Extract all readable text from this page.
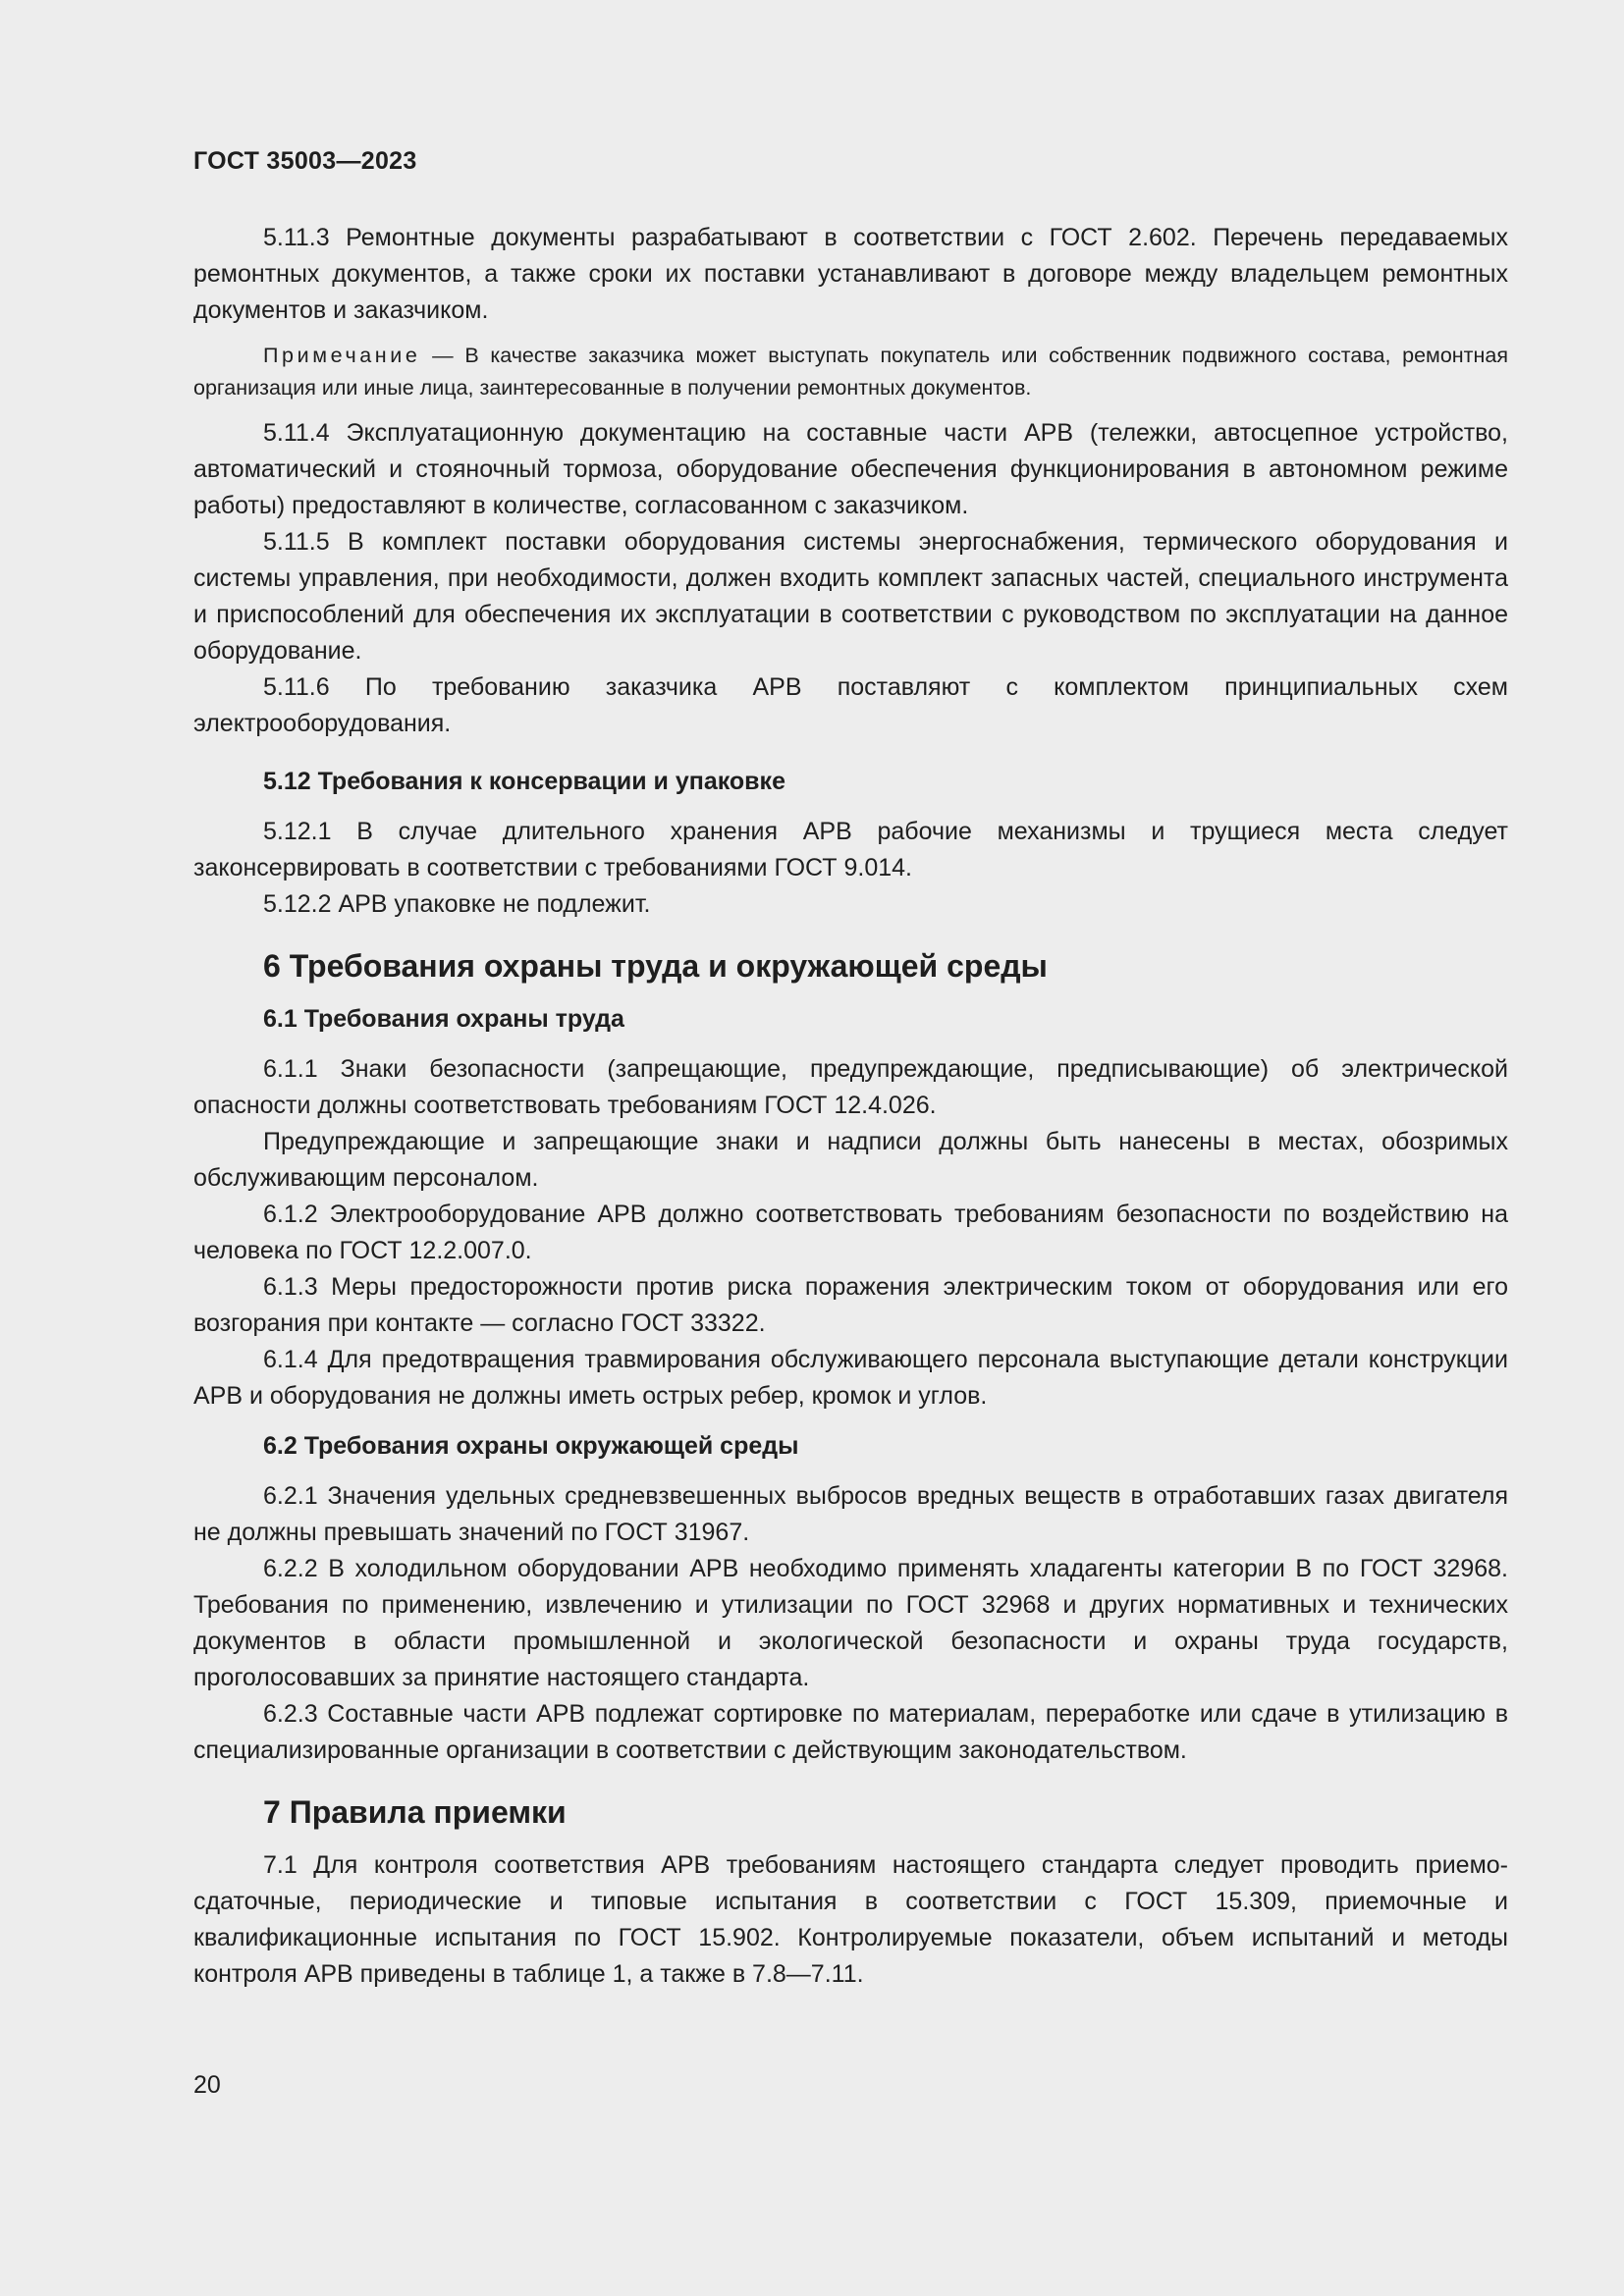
ГОСТ 35003—2023

5.11.3 Ремонтные документы разрабатывают в соответствии с ГОСТ 2.602. Перечень передаваемых ремонтных документов, а также сроки их поставки устанавливают в договоре между владельцем ремонтных документов и заказчиком.

Примечание — В качестве заказчика может выступать покупатель или собственник подвижного состава, ремонтная организация или иные лица, заинтересованные в получении ремонтных документов.

5.11.4 Эксплуатационную документацию на составные части АРВ (тележки, автосцепное устройство, автоматический и стояночный тормоза, оборудование обеспечения функционирования в автономном режиме работы) предоставляют в количестве, согласованном с заказчиком.

5.11.5 В комплект поставки оборудования системы энергоснабжения, термического оборудования и системы управления, при необходимости, должен входить комплект запасных частей, специального инструмента и приспособлений для обеспечения их эксплуатации в соответствии с руководством по эксплуатации на данное оборудование.

5.11.6 По требованию заказчика АРВ поставляют с комплектом принципиальных схем электрооборудования.

5.12 Требования к консервации и упаковке

5.12.1 В случае длительного хранения АРВ рабочие механизмы и трущиеся места следует законсервировать в соответствии с требованиями ГОСТ 9.014.

5.12.2 АРВ упаковке не подлежит.

6 Требования охраны труда и окружающей среды
6.1 Требования охраны труда

6.1.1 Знаки безопасности (запрещающие, предупреждающие, предписывающие) об электрической опасности должны соответствовать требованиям ГОСТ 12.4.026.

Предупреждающие и запрещающие знаки и надписи должны быть нанесены в местах, обозримых обслуживающим персоналом.

6.1.2 Электрооборудование АРВ должно соответствовать требованиям безопасности по воздействию на человека по ГОСТ 12.2.007.0.

6.1.3 Меры предосторожности против риска поражения электрическим током от оборудования или его возгорания при контакте — согласно ГОСТ 33322.

6.1.4 Для предотвращения травмирования обслуживающего персонала выступающие детали конструкции АРВ и оборудования не должны иметь острых ребер, кромок и углов.

6.2 Требования охраны окружающей среды

6.2.1 Значения удельных средневзвешенных выбросов вредных веществ в отработавших газах двигателя не должны превышать значений по ГОСТ 31967.

6.2.2 В холодильном оборудовании АРВ необходимо применять хладагенты категории В по ГОСТ 32968. Требования по применению, извлечению и утилизации по ГОСТ 32968 и других нормативных и технических документов в области промышленной и экологической безопасности и охраны труда государств, проголосовавших за принятие настоящего стандарта.

6.2.3 Составные части АРВ подлежат сортировке по материалам, переработке или сдаче в утилизацию в специализированные организации в соответствии с действующим законодательством.

7 Правила приемки

7.1 Для контроля соответствия АРВ требованиям настоящего стандарта следует проводить приемо-сдаточные, периодические и типовые испытания в соответствии с ГОСТ 15.309, приемочные и квалификационные испытания по ГОСТ 15.902. Контролируемые показатели, объем испытаний и методы контроля АРВ приведены в таблице 1, а также в 7.8—7.11.

20
